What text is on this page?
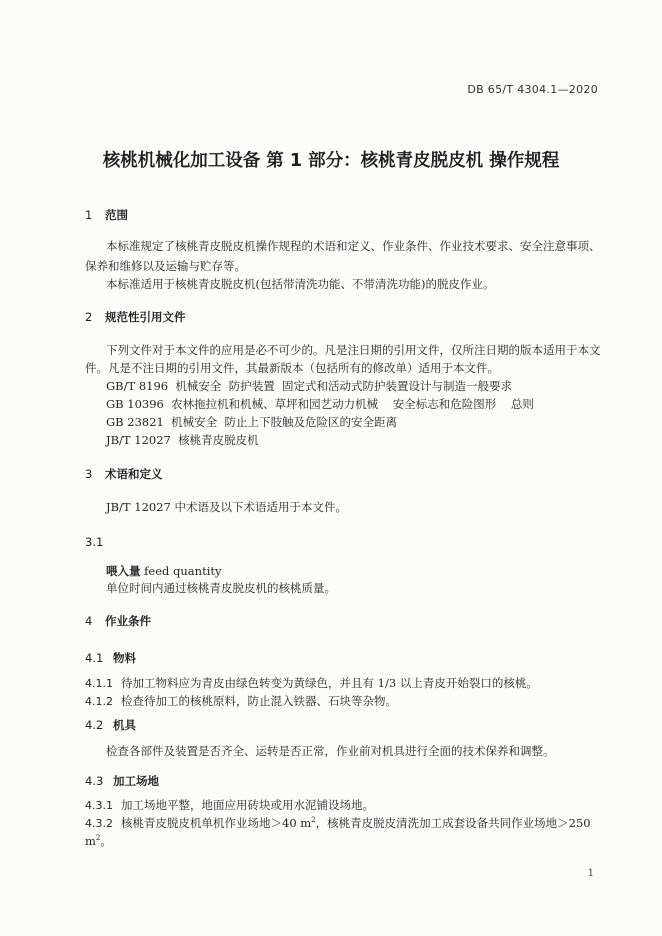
DB 65/T 4304.1—2020
核桃机械化加工设备 第 1 部分：核桃青皮脱皮机 操作规程
1 范围
本标准规定了核桃青皮脱皮机操作规程的术语和定义、作业条件、作业技术要求、安全注意事项、
保养和维修以及运输与贮存等。
本标准适用于核桃青皮脱皮机(包括带清洗功能、不带清洗功能)的脱皮作业。
2 规范性引用文件
下列文件对于本文件的应用是必不可少的。凡是注日期的引用文件，仅所注日期的版本适用于本文
件。凡是不注日期的引用文件，其最新版本（包括所有的修改单）适用于本文件。
GB/T 8196  机械安全  防护装置  固定式和活动式防护装置设计与制造一般要求
GB 10396  农林拖拉机和机械、草坪和园艺动力机械    安全标志和危险图形    总则
GB 23821  机械安全  防止上下肢触及危险区的安全距离
JB/T 12027  核桃青皮脱皮机
3 术语和定义
JB/T 12027 中术语及以下术语适用于本文件。
3.1
喂入量 feed quantity
单位时间内通过核桃青皮脱皮机的核桃质量。
4 作业条件
4.1 物料
4.1.1 待加工物料应为青皮由绿色转变为黄绿色，并且有 1/3 以上青皮开始裂口的核桃。
4.1.2 检查待加工的核桃原料，防止混入铁器、石块等杂物。
4.2 机具
检查各部件及装置是否齐全、运转是否正常，作业前对机具进行全面的技术保养和调整。
4.3 加工场地
4.3.1 加工场地平整，地面应用砖块或用水泥铺设场地。
4.3.2 核桃青皮脱皮机单机作业场地＞40 $m^2$，核桃青皮脱皮清洗加工成套设备共同作业场地＞250
$m^2$。
1
